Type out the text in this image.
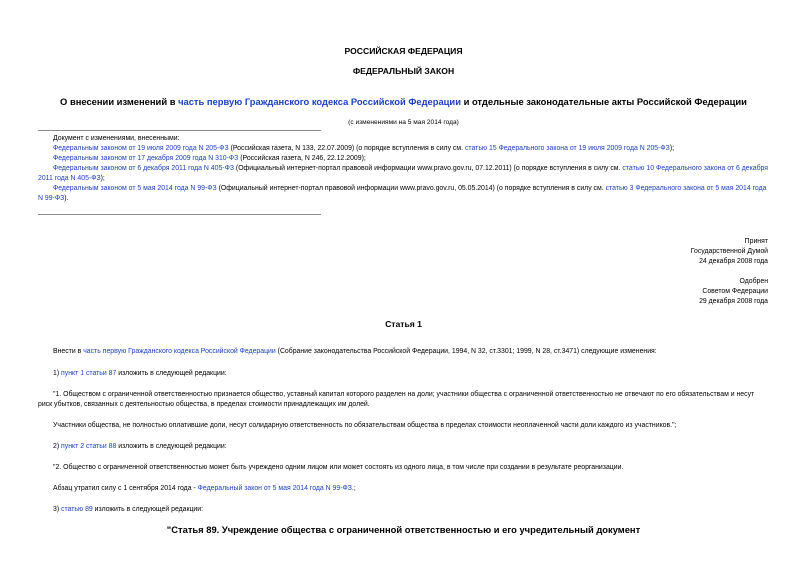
РОССИЙСКАЯ ФЕДЕРАЦИЯ
ФЕДЕРАЛЬНЫЙ ЗАКОН
О внесении изменений в часть первую Гражданского кодекса Российской Федерации и отдельные законодательные акты Российской Федерации
(с изменениями на 5 мая 2014 года)

Документ с изменениями, внесенными:

Федеральным законом от 19 июля 2009 года N 205-ФЗ (Российская газета, N 133, 22.07.2009) (о порядке вступления в силу см. статью 15 Федерального закона от 19 июля 2009 года N 205-ФЗ);

Федеральным законом от 17 декабря 2009 года N 310-ФЗ (Российская газета, N 246, 22.12.2009);

Федеральным законом от 6 декабря 2011 года N 405-ФЗ (Официальный интернет-портал правовой информации www.pravo.gov.ru, 07.12.2011) (о порядке вступления в силу см. статью 10 Федерального закона от 6 декабря 2011 года N 405-ФЗ);

Федеральным законом от 5 мая 2014 года N 99-ФЗ (Официальный интернет-портал правовой информации www.pravo.gov.ru, 05.05.2014) (о порядке вступления в силу см. статью 3 Федерального закона от 5 мая 2014 года N 99-ФЗ).

Принят

Государственной Думой

24 декабря 2008 года

Одобрен

Советом Федерации

29 декабря 2008 года

Статья 1
Внести в часть первую Гражданского кодекса Российской Федерации (Собрание законодательства Российской Федерации, 1994, N 32, ст.3301; 1999, N 28, ст.3471) следующие изменения:
1) пункт 1 статьи 87 изложить в следующей редакции:
"1. Обществом с ограниченной ответственностью признается общество, уставный капитал которого разделен на доли; участники общества с ограниченной ответственностью не отвечают по его обязательствам и несут риск убытков, связанных с деятельностью общества, в пределах стоимости принадлежащих им долей.
Участники общества, не полностью оплатившие доли, несут солидарную ответственность по обязательствам общества в пределах стоимости неоплаченной части доли каждого из участников.";
2) пункт 2 статьи 88 изложить в следующей редакции:
"2. Общество с ограниченной ответственностью может быть учреждено одним лицом или может состоять из одного лица, в том числе при создании в результате реорганизации.
Абзац утратил силу с 1 сентября 2014 года - Федеральный закон от 5 мая 2014 года N 99-ФЗ.;
3) статью 89 изложить в следующей редакции:
"Статья 89. Учреждение общества с ограниченной ответственностью и его учредительный документ
